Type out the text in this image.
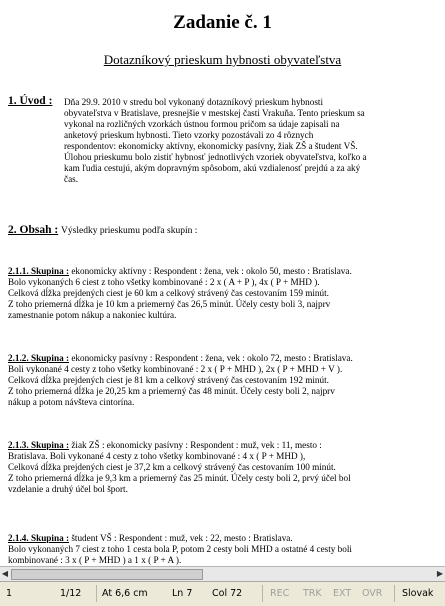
Zadanie č. 1
Dotazníkový prieskum hybnosti obyvateľstva
1. Úvod : Dňa 29.9. 2010 v stredu bol vykonaný dotazníkový prieskum hybnosti
obyvateľstva v Bratislave, presnejšie v mestskej časti Vrakuňa. Tento prieskum sa
vykonal na rozličných vzorkách ústnou formou pričom sa údaje zapisali na
anketový prieskum hybnosti. Tieto vzorky pozostávali zo 4 rôznych
respondentov: ekonomicky aktívny, ekonomicky pasívny, žiak ZŠ a študent VŠ.
Úlohou prieskumu bolo zistiť hybnosť jednotlivých vzoriek obyvateľstva, koľko a
kam ľudia cestujú, akým dopravným spôsobom, akú vzdialenosť prejdú a za aký
čas.
2. Obsah : Výsledky prieskumu podľa skupín :
2.1.1. Skupina : ekonomicky aktívny : Respondent : žena, vek : okolo 50, mesto : Bratislava.
Bolo vykonaných 6 ciest z toho všetky kombinované : 2 x ( A + P ), 4x ( P + MHD ).
Celková dĺžka prejdených ciest je 60 km a celkový strávený čas cestovaním 159 minút.
Z toho priemerná dĺžka je 10 km a priemerný čas 26,5 minút. Účely cesty boli 3, najprv
zamestnanie potom nákup a nakoniec kultúra.
2.1.2. Skupina : ekonomicky pasívny : Respondent : žena, vek : okolo 72, mesto : Bratislava.
Boli vykonané 4 cesty z toho všetky kombinované : 2 x ( P + MHD ), 2x ( P + MHD + V ).
Celková dĺžka prejdených ciest je 81 km a celkový strávený čas cestovaním 192 minút.
Z toho priemerná dĺžka je 20,25 km a priemerný čas 48 minút. Účely cesty boli 2, najprv
nákup a potom návšteva cintorína.
2.1.3. Skupina : žiak ZŠ : ekonomicky pasívny : Respondent : muž, vek : 11, mesto :
Bratislava. Boli vykonané 4 cesty z toho všetky kombinované : 4 x ( P + MHD ),
Celková dĺžka prejdených ciest je 37,2 km a celkový strávený čas cestovaním 100 minút.
Z toho priemerná dĺžka je 9,3 km a priemerný čas 25 minút. Účely cesty boli 2, prvý účel bol
vzdelanie a druhý účel bol šport.
2.1.4. Skupina : študent VŠ : Respondent : muž, vek : 22, mesto : Bratislava.
Bolo vykonaných 7 ciest z toho 1 cesta bola P, potom 2 cesty boli MHD a ostatné 4 cesty boli
kombinované : 3 x ( P + MHD ) a 1 x ( P + A ).
◀	▶
1	1/12 At 6,6 cm	Ln 7 Col 72	REC TRK EXT OVR Slovak
